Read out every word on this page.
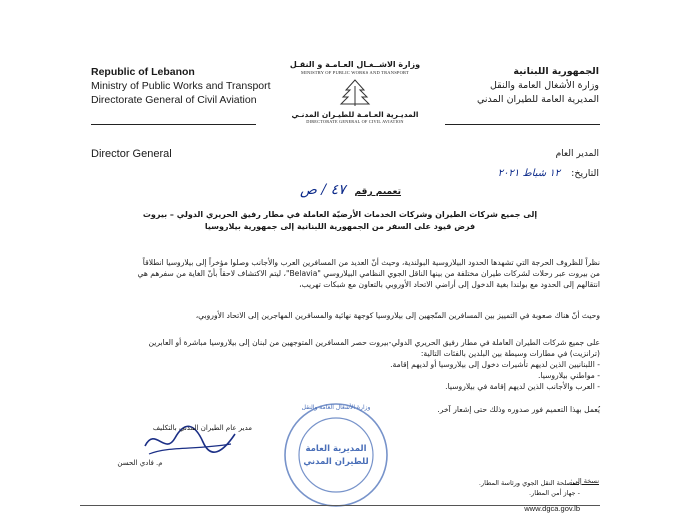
Republic of Lebanon
Ministry of Public Works and Transport
Directorate General of Civil Aviation
وزارة الاشــغـال العـامـة و النقـل
MINISTRY OF PUBLIC WORKS AND TRANSPORT
المديـرية العـامـة للطيـران المدنـي
DIRECTORATE GENERAL OF CIVIL AVIATION
الجمهورية اللبنانية
وزارة الأشغال العامة والنقل
المديرية العامة للطيران المدني
Director General	المدير العام
التاريخ: ١٢ شباط ٢٠٢١
تعميم رقم ٤٧ / ص
إلى جميع شركات الطيران وشركات الخدمات الأرضيّة العاملة في مطار رفيق الحريري الدولي – بيروت
فرض قيود على السفر من الجمهورية اللبنانية إلى جمهورية بيلاروسيا
نظراً للظروف الحرجة التي تشهدها الحدود البيلاروسية البولندية، وحيث أنّ العديد من المسافرين العرب والأجانب وصلوا مؤخراً إلى بيلاروسيا انطلاقاً
من بيروت عبر رحلات لشركات طيران مختلفة من بينها الناقل الجوي النظامي البيلاروسي "Belavia"، ليتم الاكتشاف لاحقاً بأنّ الغاية من سفرهم هي
انتقالهم إلى الحدود مع بولندا بغية الدخول إلى أراضي الاتحاد الأوروبي بالتعاون مع شبكات تهريب،
وحيث أنّ هناك صعوبة في التمييز بين المسافرين المتّجهين إلى بيلاروسيا كوجهة نهائية والمسافرين المهاجرين إلى الاتحاد الأوروبي،
على جميع شركات الطيران العاملة في مطار رفيق الحريري الدولي-بيروت حصر المسافرين المتوجهين من لبنان إلى بيلاروسيا مباشرة أو العابرين
(ترانزيت) في مطارات وسيطة بين البلدين بالفئات التالية:
- اللبنانيين الذين لديهم تأشيرات دخول إلى بيلاروسيا أو لديهم إقامة.
- مواطني بيلاروسيا.
- العرب والأجانب الذين لديهم إقامة في بيلاروسيا.
يُعمل بهذا التعميم فور صدوره وذلك حتى إشعار آخر.
وزارة الأشغال العامة والنقل
المديرية العامة
للطيران المدني
مدير عام الطيران المدني بالتكليف
م. فادي الحسن
نسخة إلى:
- مصلحة النقل الجوي ورئاسة المطار.
- جهاز أمن المطار.
www.dgca.gov.lb
